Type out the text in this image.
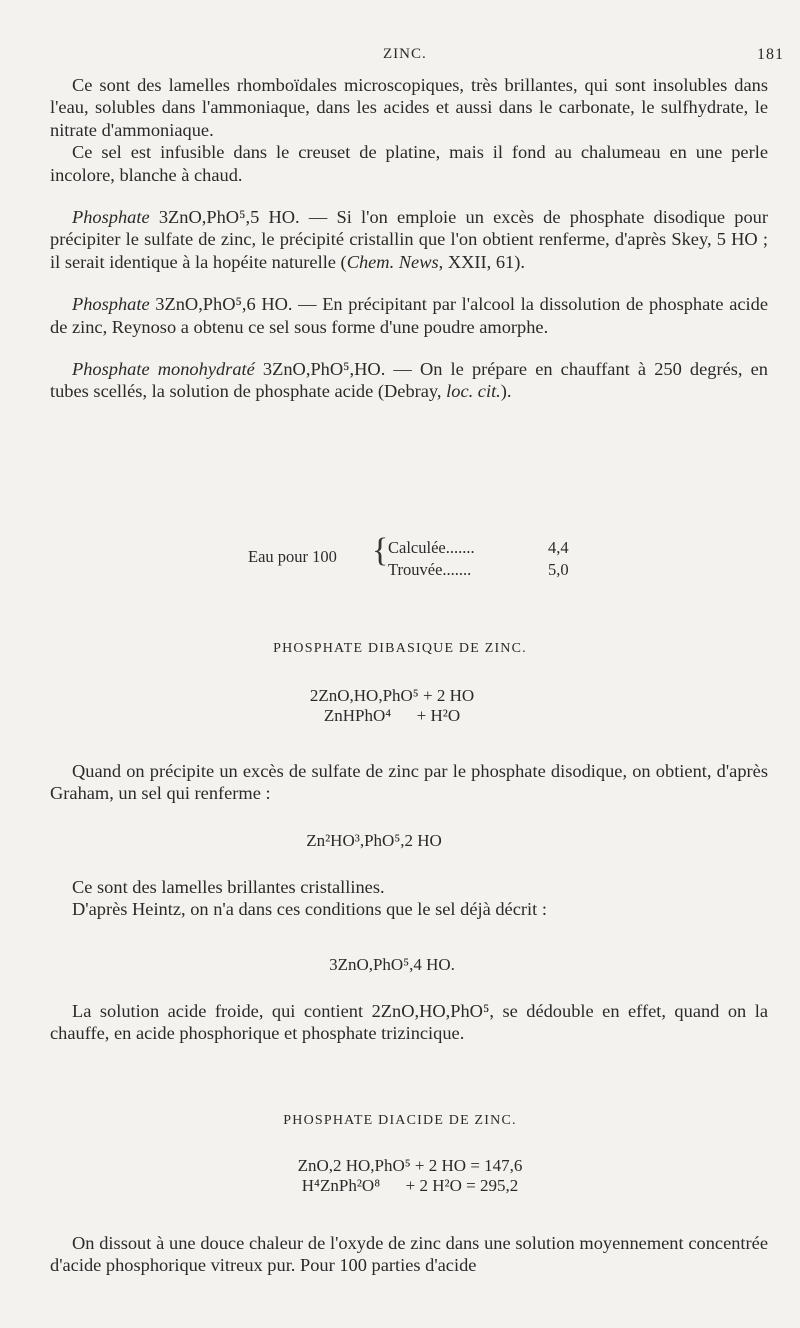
ZINC.	181

Ce sont des lamelles rhomboïdales microscopiques, très brillantes, qui sont insolubles dans l'eau, solubles dans l'ammoniaque, dans les acides et aussi dans le carbonate, le sulfhydrate, le nitrate d'ammoniaque.

Ce sel est infusible dans le creuset de platine, mais il fond au chalumeau en une perle incolore, blanche à chaud.

Phosphate 3ZnO,PhO⁵,5 HO. — Si l'on emploie un excès de phosphate disodique pour précipiter le sulfate de zinc, le précipité cristallin que l'on obtient renferme, d'après Skey, 5 HO ; il serait identique à la hopéite naturelle (Chem. News, XXII, 61).

Phosphate 3ZnO,PhO⁵,6 HO. — En précipitant par l'alcool la dissolution de phosphate acide de zinc, Reynoso a obtenu ce sel sous forme d'une poudre amorphe.

Phosphate monohydraté 3ZnO,PhO⁵,HO. — On le prépare en chauffant à 250 degrés, en tubes scellés, la solution de phosphate acide (Debray, loc. cit.).

Eau pour 100 { Calculée.......	4,4
Trouvée.......	5,0
PHOSPHATE DIBASIQUE DE ZINC.
2ZnO,HO,PhO⁵ + 2 HO
ZnHPhO⁴      + H²O

Quand on précipite un excès de sulfate de zinc par le phosphate disodique, on obtient, d'après Graham, un sel qui renferme :

Zn²HO³,PhO⁵,2 HO

Ce sont des lamelles brillantes cristallines.

D'après Heintz, on n'a dans ces conditions que le sel déjà décrit :

3ZnO,PhO⁵,4 HO.

La solution acide froide, qui contient 2ZnO,HO,PhO⁵, se dédouble en effet, quand on la chauffe, en acide phosphorique et phosphate trizincique.

PHOSPHATE DIACIDE DE ZINC.
ZnO,2 HO,PhO⁵ + 2 HO = 147,6
H⁴ZnPh²O⁸      + 2 H²O = 295,2

On dissout à une douce chaleur de l'oxyde de zinc dans une solution moyennement concentrée d'acide phosphorique vitreux pur. Pour 100 parties d'acide
